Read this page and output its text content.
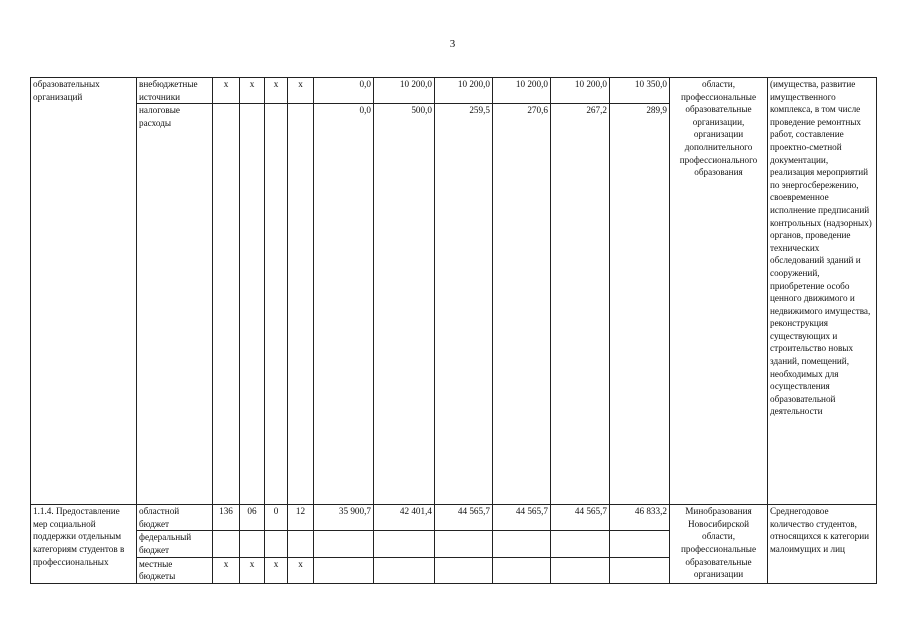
3
образовательных организаций	внебюджетные источники	х	х	х	х	0,0	10 200,0	10 200,0	10 200,0	10 200,0	10 350,0	области, профессиональные образовательные организации, организации дополнительного профессионального образования	(имущества, развитие имущественного комплекса, в том числе проведение ремонтных работ, составление проектно-сметной документации, реализация мероприятий по энергосбережению, своевременное исполнение предписаний контрольных (надзорных) органов, проведение технических обследований зданий и сооружений, приобретение особо ценного движимого и недвижимого имущества, реконструкция существующих и строительство новых зданий, помещений, необходимых для осуществления образовательной деятельности
	налоговые расходы					0,0	500,0	259,5	270,6	267,2	289,9		
1.1.4. Предоставление мер социальной поддержки отдельным категориям студентов в профессиональных	областной бюджет	136	06	0	12	35 900,7	42 401,4	44 565,7	44 565,7	44 565,7	46 833,2	Минобразования Новосибирской области, профессиональные образовательные организации	Среднегодовое количество студентов, относящихся к категории малоимущих и лиц
	федеральный бюджет												
	местные бюджеты	х	х	х	х								
